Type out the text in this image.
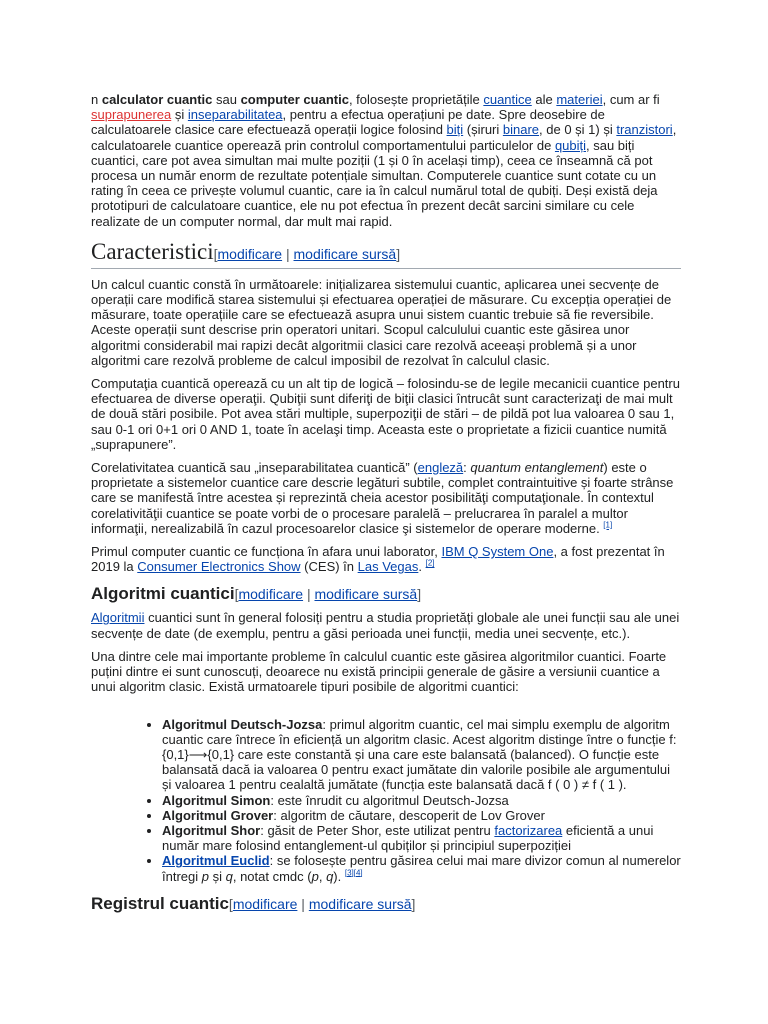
n calculator cuantic sau computer cuantic, folosește proprietățile cuantice ale materiei, cum ar fi suprapunerea și inseparabilitatea, pentru a efectua operațiuni pe date. Spre deosebire de calculatoarele clasice care efectuează operații logice folosind biți (șiruri binare, de 0 și 1) și tranzistori, calculatoarele cuantice operează prin controlul comportamentului particulelor de qubiți, sau biți cuantici, care pot avea simultan mai multe poziții (1 și 0 în același timp), ceea ce înseamnă că pot procesa un număr enorm de rezultate potențiale simultan. Computerele cuantice sunt cotate cu un rating în ceea ce privește volumul cuantic, care ia în calcul numărul total de qubiți. Deși există deja prototipuri de calculatoare cuantice, ele nu pot efectua în prezent decât sarcini similare cu cele realizate de un computer normal, dar mult mai rapid.

Caracteristici[modificare | modificare sursă]

Un calcul cuantic constă în următoarele: inițializarea sistemului cuantic, aplicarea unei secvențe de operații care modifică starea sistemului și efectuarea operației de măsurare. Cu excepția operației de măsurare, toate operațiile care se efectuează asupra unui sistem cuantic trebuie să fie reversibile. Aceste operații sunt descrise prin operatori unitari. Scopul calculului cuantic este găsirea unor algoritmi considerabil mai rapizi decât algoritmii clasici care rezolvă aceeași problemă și a unor algoritmi care rezolvă probleme de calcul imposibil de rezolvat în calculul clasic.

Computaţia cuantică operează cu un alt tip de logică – folosindu-se de legile mecanicii cuantice pentru efectuarea de diverse operaţii. Qubiţii sunt diferiţi de biţii clasici întrucât sunt caracterizaţi de mai mult de două stări posibile. Pot avea stări multiple, superpoziţii de stări – de pildă pot lua valoarea 0 sau 1, sau 0-1 ori 0+1 ori 0 AND 1, toate în acelaşi timp. Aceasta este o proprietate a fizicii cuantice numită „suprapunere”.

Corelativitatea cuantică sau „inseparabilitatea cuantică” (engleză: quantum entanglement) este o proprietate a sistemelor cuantice care descrie legături subtile, complet contraintuitive și foarte strânse care se manifestă între acestea și reprezintă cheia acestor posibilităţi computaţionale. În contextul corelativităţii cuantice se poate vorbi de o procesare paralelă – prelucrarea în paralel a multor informaţii, nerealizabilă în cazul procesoarelor clasice şi sistemelor de operare moderne. [1]

Primul computer cuantic ce funcționa în afara unui laborator, IBM Q System One, a fost prezentat în 2019 la Consumer Electronics Show (CES) în Las Vegas. [2]

Algoritmi cuantici[modificare | modificare sursă]

Algoritmii cuantici sunt în general folosiți pentru a studia proprietăți globale ale unei funcții sau ale unei secvențe de date (de exemplu, pentru a găsi perioada unei funcții, media unei secvențe, etc.).

Una dintre cele mai importante probleme în calculul cuantic este găsirea algoritmilor cuantici. Foarte puțini dintre ei sunt cunoscuți, deoarece nu există principii generale de găsire a versiunii cuantice a unui algoritm clasic. Există urmatoarele tipuri posibile de algoritmi cuantici:

• Algoritmul Deutsch-Jozsa: primul algoritm cuantic, cel mai simplu exemplu de algoritm cuantic care întrece în eficiență un algoritm clasic. Acest algoritm distinge între o funcție f: {0,1}⟶{0,1} care este constantă și una care este balansată (balanced). O funcție este balansată dacă ia valoarea 0 pentru exact jumătate din valorile posibile ale argumentului și valoarea 1 pentru cealaltă jumătate (funcția este balansată dacă f ( 0 ) ≠ f ( 1 ).
• Algoritmul Simon: este înrudit cu algoritmul Deutsch-Jozsa
• Algoritmul Grover: algoritm de căutare, descoperit de Lov Grover
• Algoritmul Shor: găsit de Peter Shor, este utilizat pentru factorizarea eficientă a unui număr mare folosind entanglement-ul qubiților și principiul superpoziției
• Algoritmul Euclid: se folosește pentru găsirea celui mai mare divizor comun al numerelor întregi p și q, notat cmdc (p, q). [3][4]
Registrul cuantic[modificare | modificare sursă]
